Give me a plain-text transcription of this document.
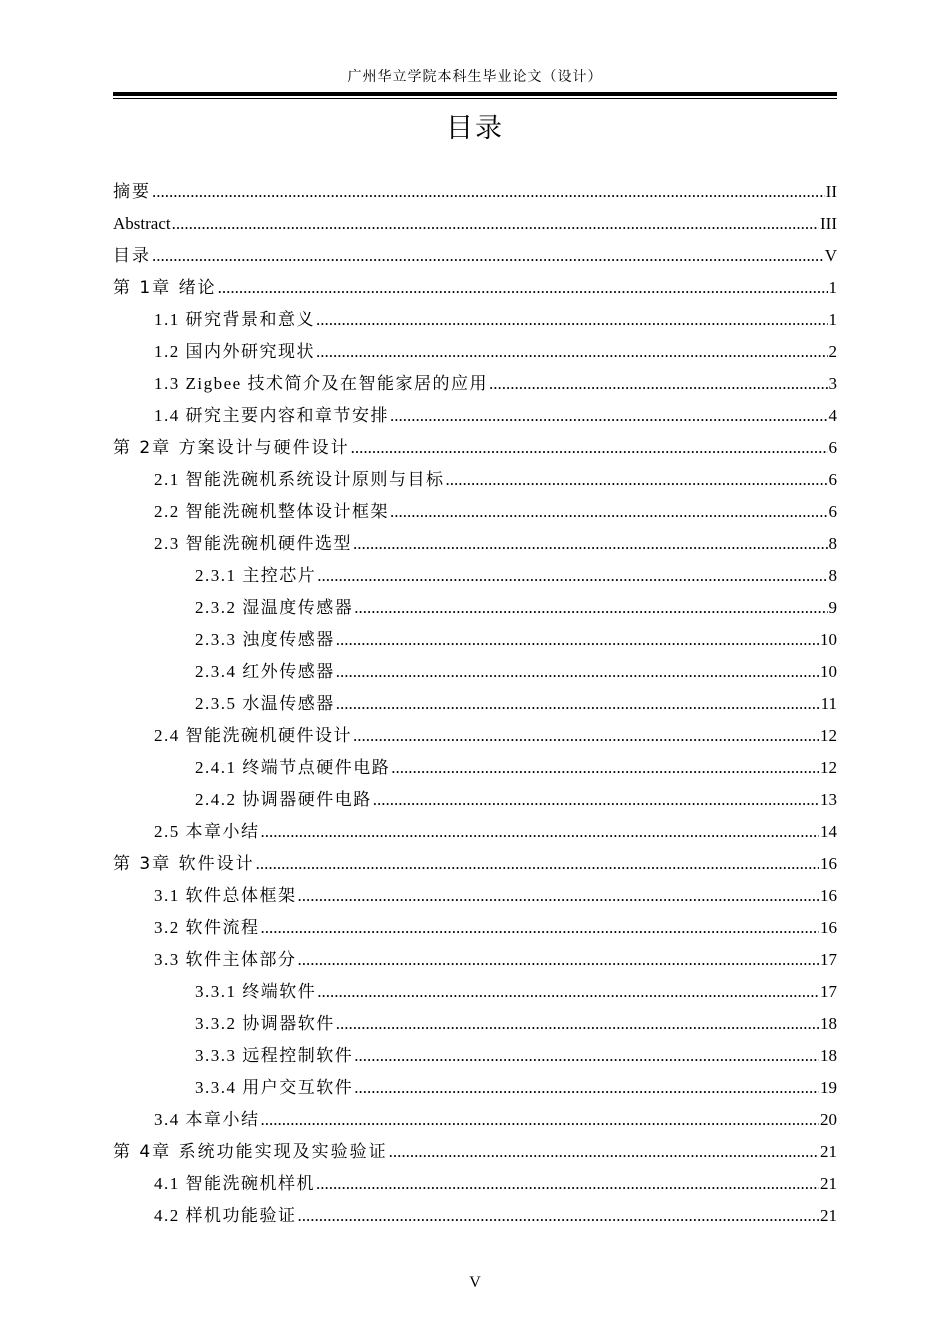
广州华立学院本科生毕业论文（设计）
目录
摘要 .....	II
Abstract .....	III
目录 .....	V
第 1章 绪论 .....	1
1.1 研究背景和意义 .....	1
1.2 国内外研究现状 .....	2
1.3 Zigbee 技术简介及在智能家居的应用 .....	3
1.4 研究主要内容和章节安排 .....	4
第 2章 方案设计与硬件设计 .....	6
2.1 智能洗碗机系统设计原则与目标 .....	6
2.2 智能洗碗机整体设计框架 .....	6
2.3 智能洗碗机硬件选型 .....	8
2.3.1 主控芯片 .....	8
2.3.2 湿温度传感器 .....	9
2.3.3 浊度传感器 .....	10
2.3.4 红外传感器 .....	10
2.3.5 水温传感器 .....	11
2.4 智能洗碗机硬件设计 .....	12
2.4.1 终端节点硬件电路 .....	12
2.4.2 协调器硬件电路 .....	13
2.5 本章小结 .....	14
第 3章 软件设计 .....	16
3.1 软件总体框架 .....	16
3.2 软件流程 .....	16
3.3 软件主体部分 .....	17
3.3.1 终端软件 .....	17
3.3.2 协调器软件 .....	18
3.3.3 远程控制软件 .....	18
3.3.4 用户交互软件 .....	19
3.4 本章小结 .....	20
第 4章 系统功能实现及实验验证 .....	21
4.1 智能洗碗机样机 .....	21
4.2 样机功能验证 .....	21
V
